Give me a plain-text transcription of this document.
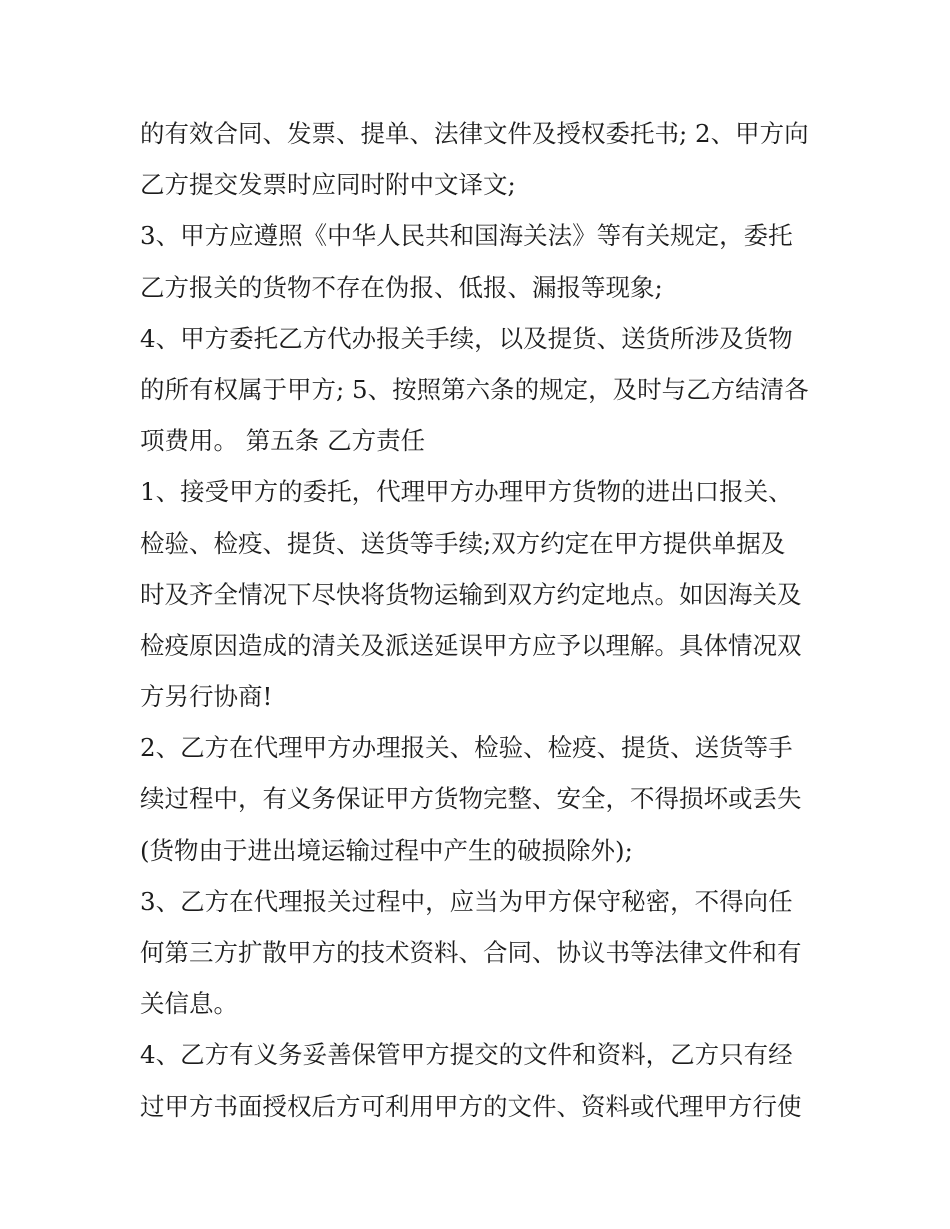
的有效合同、发票、提单、法律文件及授权委托书; 2、甲方向
乙方提交发票时应同时附中文译文;
3、甲方应遵照《中华人民共和国海关法》等有关规定，委托
乙方报关的货物不存在伪报、低报、漏报等现象;
4、甲方委托乙方代办报关手续，以及提货、送货所涉及货物
的所有权属于甲方; 5、按照第六条的规定，及时与乙方结清各
项费用。 第五条 乙方责任
1、接受甲方的委托，代理甲方办理甲方货物的进出口报关、
检验、检疫、提货、送货等手续;双方约定在甲方提供单据及
时及齐全情况下尽快将货物运输到双方约定地点。如因海关及
检疫原因造成的清关及派送延误甲方应予以理解。具体情况双
方另行协商!
2、乙方在代理甲方办理报关、检验、检疫、提货、送货等手
续过程中，有义务保证甲方货物完整、安全，不得损坏或丢失
(货物由于进出境运输过程中产生的破损除外);
3、乙方在代理报关过程中，应当为甲方保守秘密，不得向任
何第三方扩散甲方的技术资料、合同、协议书等法律文件和有
关信息。
4、乙方有义务妥善保管甲方提交的文件和资料，乙方只有经
过甲方书面授权后方可利用甲方的文件、资料或代理甲方行使
